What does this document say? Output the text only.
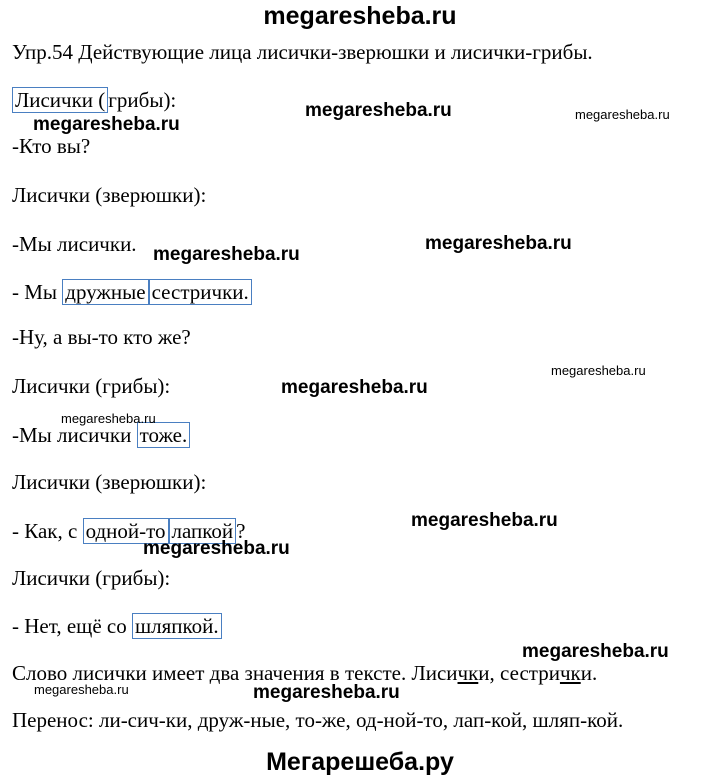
megaresheba.ru
Упр.54 Действующие лица лисички-зверюшки и лисички-грибы.
Лисички ( грибы):
-Кто вы?
Лисички (зверюшки):
-Мы лисички.
- Мы дружные сестрички.
-Ну, а вы-то кто же?
Лисички (грибы):
-Мы лисички тоже.
Лисички (зверюшки):
- Как, с одной-то лапкой ?
Лисички (грибы):
- Нет, ещё со шляпкой.
Слово лисички имеет два значения в тексте. Лисички, сестрички.
Перенос: ли-сич-ки, друж-ные, то-же, од-ной-то, лап-кой, шляп-кой.
megaresheba.ru
megaresheba.ru	megaresheba.ru
megaresheba.ru
megaresheba.ru
megaresheba.ru
megaresheba.ru
megaresheba.ru
megaresheba.ru
megaresheba.ru
megaresheba.ru
megaresheba.ru	megaresheba.ru
Мегарешеба.ру
